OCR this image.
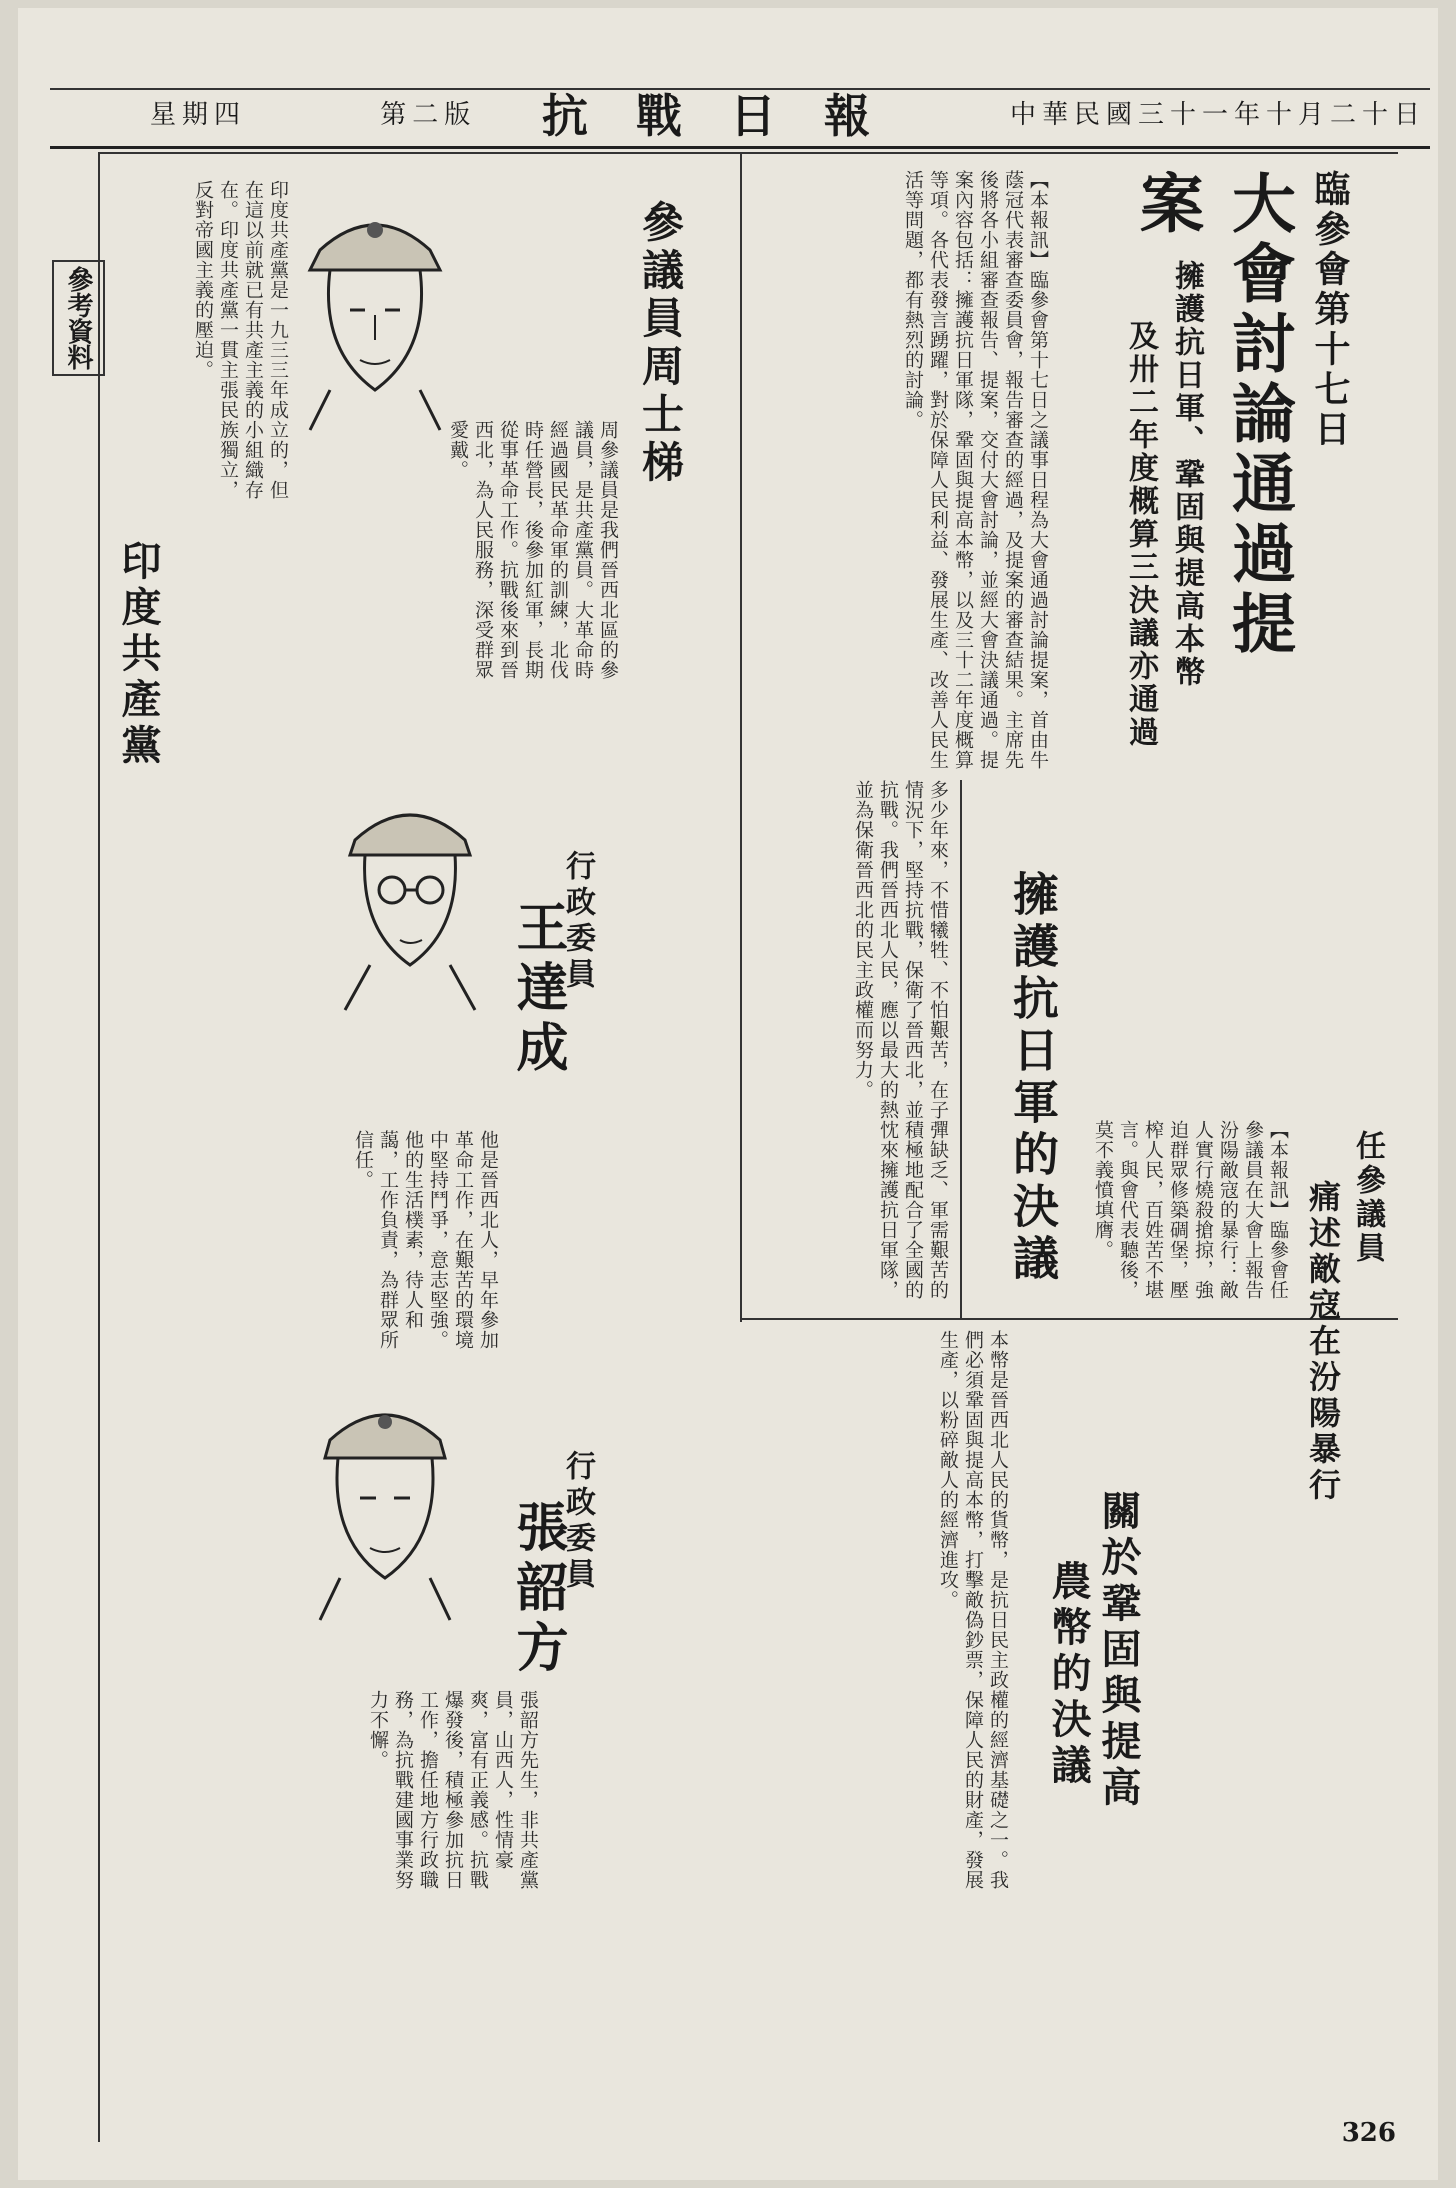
中華民國三十一年十月二十日
抗戰日報
星期四	第二版
臨參會第十七日
大會討論通過提案
擁護抗日軍、鞏固與提高本幣
及卅二年度概算三決議亦通過
【本報訊】臨參會第十七日之議事日程為大會通過討論提案，首由牛蔭冠代表審查委員會，報告審查的經過，及提案的審查結果。主席先後將各小組審查報告、提案，交付大會討論，並經大會決議通過。提案內容包括：擁護抗日軍隊，鞏固與提高本幣，以及三十二年度概算等項。各代表發言踴躍，對於保障人民利益、發展生產、改善人民生活等問題，都有熱烈的討論。
擁護抗日軍的決議
多少年來，不惜犧牲、不怕艱苦，在子彈缺乏、軍需艱苦的情況下，堅持抗戰，保衛了晉西北，並積極地配合了全國的抗戰。我們晉西北人民，應以最大的熱忱來擁護抗日軍隊，並為保衛晉西北的民主政權而努力。
關於鞏固與提高
農幣的決議
本幣是晉西北人民的貨幣，是抗日民主政權的經濟基礎之一。我們必須鞏固與提高本幣，打擊敵偽鈔票，保障人民的財產，發展生產，以粉碎敵人的經濟進攻。
任參議員
痛述敵寇在汾陽暴行
【本報訊】臨參會任參議員在大會上報告汾陽敵寇的暴行：敵人實行燒殺搶掠，強迫群眾修築碉堡，壓榨人民，百姓苦不堪言。與會代表聽後，莫不義憤填膺。
參議員周士梯
周參議員是我們晉西北區的參議員，是共產黨員。大革命時經過國民革命軍的訓練，北伐時任營長，後參加紅軍，長期從事革命工作。抗戰後來到晉西北，為人民服務，深受群眾愛戴。
行政委員
王達成
他是晉西北人，早年參加革命工作，在艱苦的環境中堅持鬥爭，意志堅強。他的生活樸素，待人和藹，工作負責，為群眾所信任。
行政委員
張韶方
張韶方先生，非共產黨員，山西人，性情豪爽，富有正義感。抗戰爆發後，積極參加抗日工作，擔任地方行政職務，為抗戰建國事業努力不懈。
參考資料
印度共產黨
印度共產黨是一九三三年成立的，但在這以前就已有共產主義的小組織存在。印度共產黨一貫主張民族獨立，反對帝國主義的壓迫。
326
